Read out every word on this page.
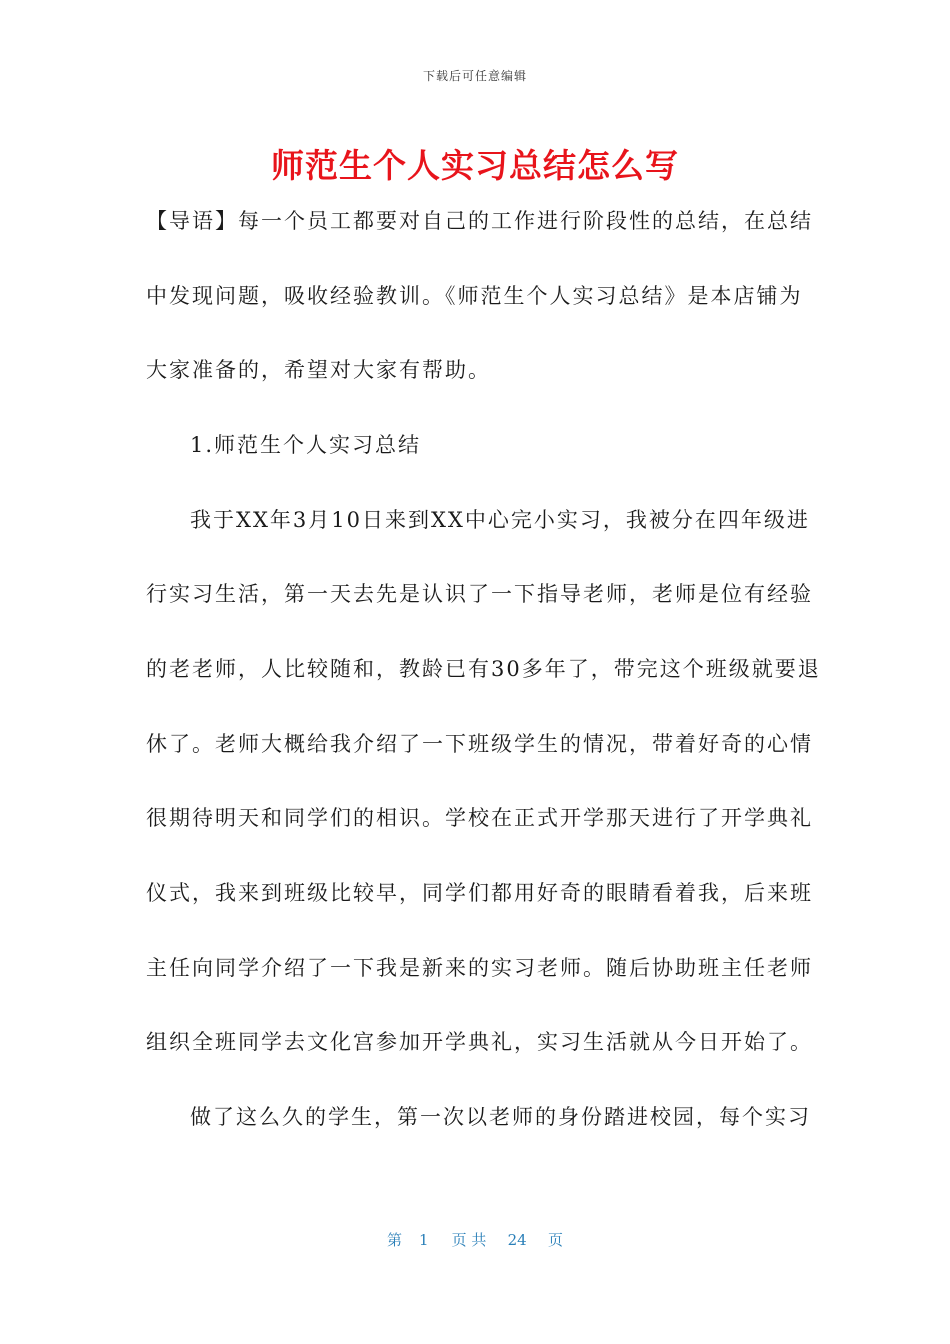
下载后可任意编辑
师范生个人实习总结怎么写
【导语】每一个员工都要对自己的工作进行阶段性的总结，在总结
中发现问题，吸收经验教训。《师范生个人实习总结》是本店铺为
大家准备的，希望对大家有帮助。
1.师范生个人实习总结
我于XX年3月10日来到XX中心完小实习，我被分在四年级进
行实习生活，第一天去先是认识了一下指导老师，老师是位有经验
的老老师，人比较随和，教龄已有30多年了，带完这个班级就要退
休了。老师大概给我介绍了一下班级学生的情况，带着好奇的心情
很期待明天和同学们的相识。学校在正式开学那天进行了开学典礼
仪式，我来到班级比较早，同学们都用好奇的眼睛看着我，后来班
主任向同学介绍了一下我是新来的实习老师。随后协助班主任老师
组织全班同学去文化宫参加开学典礼，实习生活就从今日开始了。
做了这么久的学生，第一次以老师的身份踏进校园，每个实习
第 1 页 共 24 页
